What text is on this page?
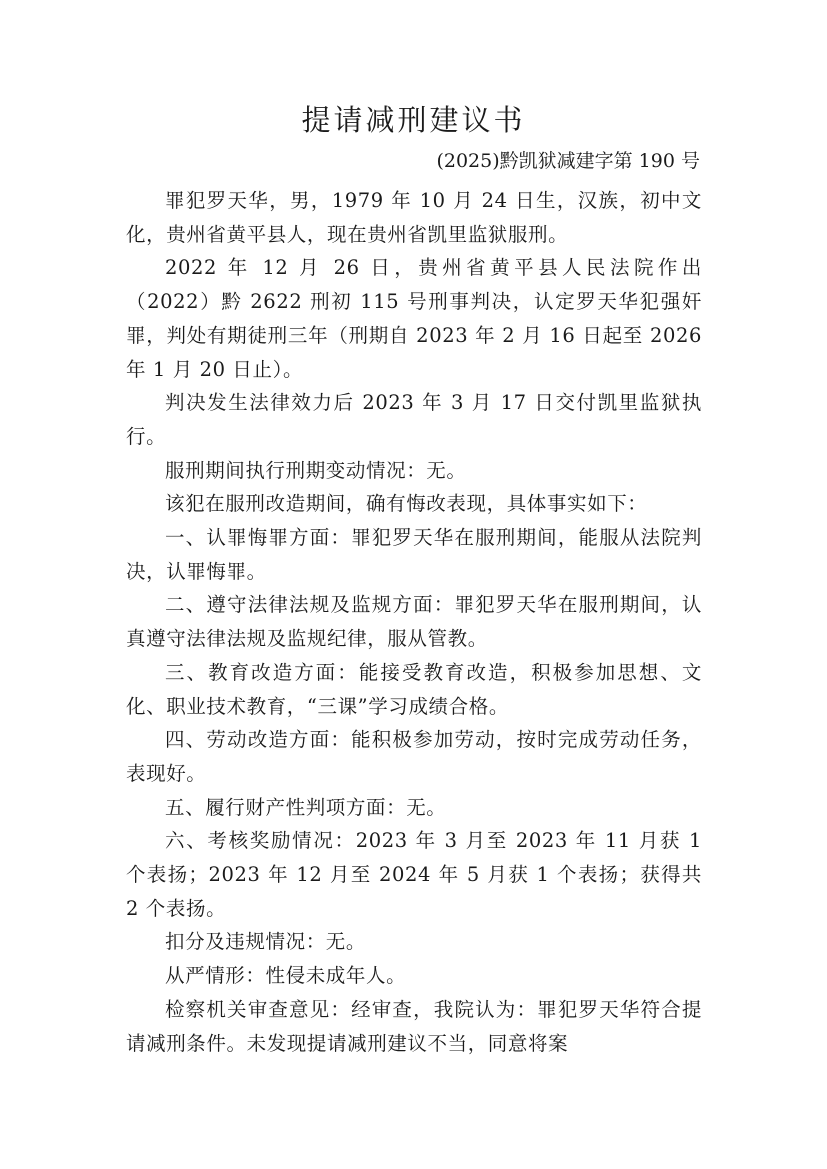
提请减刑建议书
(2025)黔凯狱减建字第 190 号

罪犯罗天华，男，1979 年 10 月 24 日生，汉族，初中文化，贵州省黄平县人，现在贵州省凯里监狱服刑。

2022 年 12 月 26 日，贵州省黄平县人民法院作出（2022）黔 2622 刑初 115 号刑事判决，认定罗天华犯强奸罪，判处有期徒刑三年（刑期自 2023 年 2 月 16 日起至 2026 年 1 月 20 日止）。

判决发生法律效力后 2023 年 3 月 17 日交付凯里监狱执行。

服刑期间执行刑期变动情况：无。

该犯在服刑改造期间，确有悔改表现，具体事实如下：

一、认罪悔罪方面：罪犯罗天华在服刑期间，能服从法院判决，认罪悔罪。

二、遵守法律法规及监规方面：罪犯罗天华在服刑期间，认真遵守法律法规及监规纪律，服从管教。

三、教育改造方面：能接受教育改造，积极参加思想、文化、职业技术教育，“三课”学习成绩合格。

四、劳动改造方面：能积极参加劳动，按时完成劳动任务，表现好。

五、履行财产性判项方面：无。

六、考核奖励情况：2023 年 3 月至 2023 年 11 月获 1 个表扬；2023 年 12 月至 2024 年 5 月获 1 个表扬；获得共 2 个表扬。

扣分及违规情况：无。

从严情形：性侵未成年人。

检察机关审查意见：经审查，我院认为：罪犯罗天华符合提请减刑条件。未发现提请减刑建议不当，同意将案
